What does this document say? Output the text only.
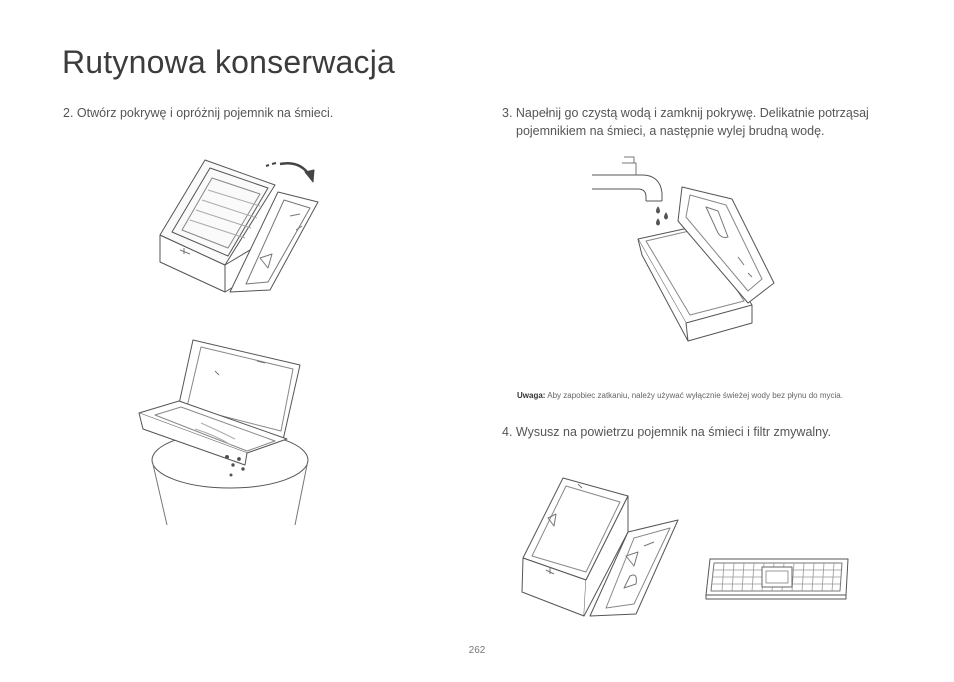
Rutynowa konserwacja
2. Otwórz pokrywę i opróżnij pojemnik na śmieci.	3. Napełnij go czystą wodą i zamknij pokrywę. Delikatnie potrząsaj
pojemnikiem na śmieci, a następnie wylej brudną wodę.
Uwaga: Aby zapobiec zatkaniu, należy używać wyłącznie świeżej wody bez płynu do mycia.
4. Wysusz na powietrzu pojemnik na śmieci i filtr zmywalny.
262
